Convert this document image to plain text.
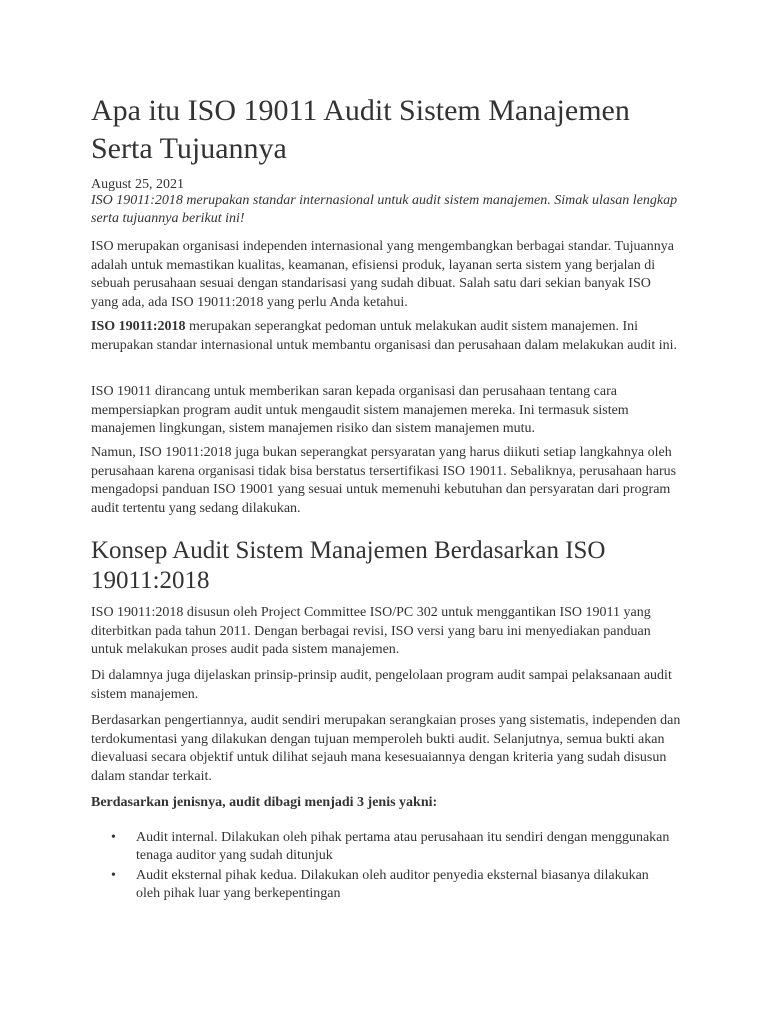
Apa itu ISO 19011 Audit Sistem Manajemen Serta Tujuannya

August 25, 2021

ISO 19011:2018 merupakan standar internasional untuk audit sistem manajemen. Simak ulasan lengkap serta tujuannya berikut ini!

ISO merupakan organisasi independen internasional yang mengembangkan berbagai standar. Tujuannya adalah untuk memastikan kualitas, keamanan, efisiensi produk, layanan serta sistem yang berjalan di sebuah perusahaan sesuai dengan standarisasi yang sudah dibuat. Salah satu dari sekian banyak ISO yang ada, ada ISO 19011:2018 yang perlu Anda ketahui.

ISO 19011:2018 merupakan seperangkat pedoman untuk melakukan audit sistem manajemen. Ini merupakan standar internasional untuk membantu organisasi dan perusahaan dalam melakukan audit ini.

ISO 19011 dirancang untuk memberikan saran kepada organisasi dan perusahaan tentang cara mempersiapkan program audit untuk mengaudit sistem manajemen mereka. Ini termasuk sistem manajemen lingkungan, sistem manajemen risiko dan sistem manajemen mutu.

Namun, ISO 19011:2018 juga bukan seperangkat persyaratan yang harus diikuti setiap langkahnya oleh perusahaan karena organisasi tidak bisa berstatus tersertifikasi ISO 19011. Sebaliknya, perusahaan harus mengadopsi panduan ISO 19001 yang sesuai untuk memenuhi kebutuhan dan persyaratan dari program audit tertentu yang sedang dilakukan.

Konsep Audit Sistem Manajemen Berdasarkan ISO 19011:2018

ISO 19011:2018 disusun oleh Project Committee ISO/PC 302 untuk menggantikan ISO 19011 yang diterbitkan pada tahun 2011. Dengan berbagai revisi, ISO versi yang baru ini menyediakan panduan untuk melakukan proses audit pada sistem manajemen.

Di dalamnya juga dijelaskan prinsip-prinsip audit, pengelolaan program audit sampai pelaksanaan audit sistem manajemen.

Berdasarkan pengertiannya, audit sendiri merupakan serangkaian proses yang sistematis, independen dan terdokumentasi yang dilakukan dengan tujuan memperoleh bukti audit. Selanjutnya, semua bukti akan dievaluasi secara objektif untuk dilihat sejauh mana kesesuaiannya dengan kriteria yang sudah disusun dalam standar terkait.

Berdasarkan jenisnya, audit dibagi menjadi 3 jenis yakni:

• Audit internal. Dilakukan oleh pihak pertama atau perusahaan itu sendiri dengan menggunakan tenaga auditor yang sudah ditunjuk
• Audit eksternal pihak kedua. Dilakukan oleh auditor penyedia eksternal biasanya dilakukan oleh pihak luar yang berkepentingan
